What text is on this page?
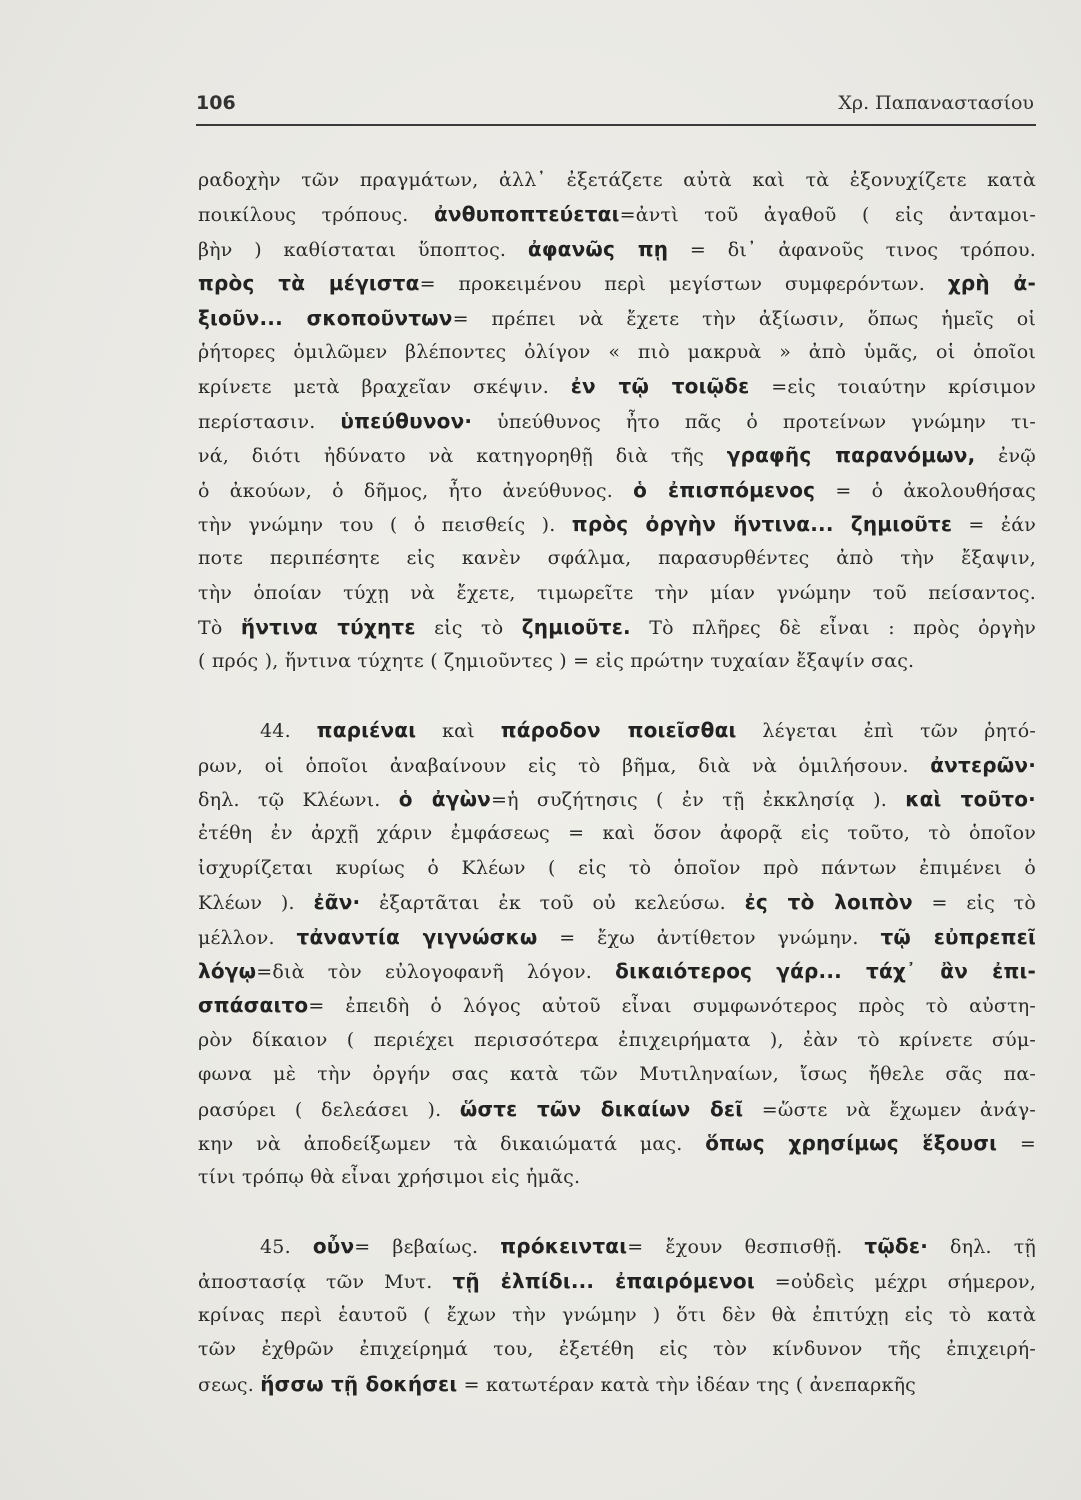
106	Χρ. Παπαναστασίου
ραδοχὴν τῶν πραγμάτων, ἀλλ᾽ ἐξετάζετε αὐτὰ καὶ τὰ ἐξονυχίζετε κατὰ
ποικίλους τρόπους. ἀνθυποπτεύεται=ἀντὶ τοῦ ἀγαθοῦ ( εἰς ἀνταμοι-
βὴν ) καθίσταται ὕποπτος. ἀφανῶς πῃ = δι᾽ ἀφανοῦς τινος τρόπου.
πρὸς τὰ μέγιστα= προκειμένου περὶ μεγίστων συμφερόντων. χρὴ ἀ-
ξιοῦν... σκοποῦντων= πρέπει νὰ ἔχετε τὴν ἀξίωσιν, ὅπως ἡμεῖς οἱ
ῥήτορες ὁμιλῶμεν βλέποντες ὀλίγον « πιὸ μακρυὰ » ἀπὸ ὑμᾶς, οἱ ὁποῖοι
κρίνετε μετὰ βραχεῖαν σκέψιν. ἐν τῷ τοιῷδε =εἰς τοιαύτην κρίσιμον
περίστασιν. ὑπεύθυνον· ὑπεύθυνος ἦτο πᾶς ὁ προτείνων γνώμην τι-
νά, διότι ἠδύνατο νὰ κατηγορηθῇ διὰ τῆς γραφῆς παρανόμων, ἐνῷ
ὁ ἀκούων, ὁ δῆμος, ἦτο ἀνεύθυνος. ὁ ἐπισπόμενος = ὁ ἀκολουθήσας
τὴν γνώμην του ( ὁ πεισθείς ). πρὸς ὀργὴν ἥντινα... ζημιοῦτε = ἐάν
ποτε περιπέσητε εἰς κανὲν σφάλμα, παρασυρθέντες ἀπὸ τὴν ἔξαψιν,
τὴν ὁποίαν τύχῃ νὰ ἔχετε, τιμωρεῖτε τὴν μίαν γνώμην τοῦ πείσαντος.
Τὸ ἥντινα τύχητε εἰς τὸ ζημιοῦτε. Τὸ πλῆρες δὲ εἶναι : πρὸς ὀργὴν
( πρός ), ἥντινα τύχητε ( ζημιοῦντες ) = εἰς πρώτην τυχαίαν ἔξαψίν σας.
44. παριέναι καὶ πάροδον ποιεῖσθαι λέγεται ἐπὶ τῶν ῥητό-
ρων, οἱ ὁποῖοι ἀναβαίνουν εἰς τὸ βῆμα, διὰ νὰ ὁμιλήσουν. ἀντερῶν·
δηλ. τῷ Κλέωνι. ὁ ἀγὼν=ἡ συζήτησις ( ἐν τῇ ἐκκλησίᾳ ). καὶ τοῦτο·
ἐτέθη ἐν ἀρχῇ χάριν ἐμφάσεως = καὶ ὅσον ἀφορᾷ εἰς τοῦτο, τὸ ὁποῖον
ἰσχυρίζεται κυρίως ὁ Κλέων ( εἰς τὸ ὁποῖον πρὸ πάντων ἐπιμένει ὁ
Κλέων ). ἐᾶν· ἐξαρτᾶται ἐκ τοῦ οὐ κελεύσω. ἐς τὸ λοιπὸν = εἰς τὸ
μέλλον. τἀναντία γιγνώσκω = ἔχω ἀντίθετον γνώμην. τῷ εὐπρεπεῖ
λόγῳ=διὰ τὸν εὐλογοφανῆ λόγον. δικαιότερος γάρ... τάχ᾽ ἂν ἐπι-
σπάσαιτο= ἐπειδὴ ὁ λόγος αὐτοῦ εἶναι συμφωνότερος πρὸς τὸ αὐστη-
ρὸν δίκαιον ( περιέχει περισσότερα ἐπιχειρήματα ), ἐὰν τὸ κρίνετε σύμ-
φωνα μὲ τὴν ὀργήν σας κατὰ τῶν Μυτιληναίων, ἴσως ἤθελε σᾶς πα-
ρασύρει ( δελεάσει ). ὥστε τῶν δικαίων δεῖ =ὥστε νὰ ἔχωμεν ἀνάγ-
κην νὰ ἀποδείξωμεν τὰ δικαιώματά μας. ὅπως χρησίμως ἕξουσι =
τίνι τρόπῳ θὰ εἶναι χρήσιμοι εἰς ἡμᾶς.
45. οὖν= βεβαίως. πρόκεινται= ἔχουν θεσπισθῇ. τῷδε· δηλ. τῇ
ἀποστασίᾳ τῶν Μυτ. τῇ ἐλπίδι... ἐπαιρόμενοι =οὐδεὶς μέχρι σήμερον,
κρίνας περὶ ἑαυτοῦ ( ἔχων τὴν γνώμην ) ὅτι δὲν θὰ ἐπιτύχῃ εἰς τὸ κατὰ
τῶν ἐχθρῶν ἐπιχείρημά του, ἐξετέθη εἰς τὸν κίνδυνον τῆς ἐπιχειρή-
σεως. ἥσσω τῇ δοκήσει = κατωτέραν κατὰ τὴν ἰδέαν της ( ἀνεπαρκῆς
